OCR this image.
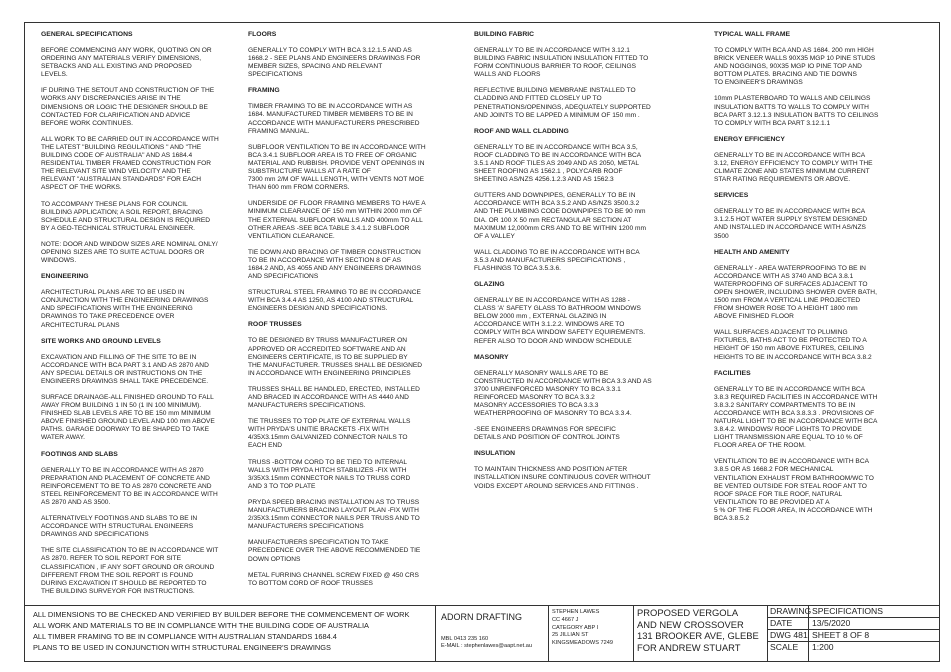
GENERAL SPECIFICATIONS

BEFORE COMMENCING ANY WORK, QUOTING ON OR
ORDERING ANY MATERIALS VERIFY DIMENSIONS,
SETBACKS AND ALL EXISTING AND PROPOSED
LEVELS.

IF DURING THE SETOUT AND CONSTRUCTION OF THE
WORKS ANY DISCREPANCIES ARISE IN THE
DIMENSIONS OR LOGIC THE DESIGNER SHOULD BE
CONTACTED FOR CLARIFICATION AND ADVICE
BEFORE WORK CONTINUES.

ALL WORK TO BE CARRIED OUT IN ACCORDANCE WITH
THE LATEST "BUILDING REGULATIONS " AND "THE
BUILDING CODE OF AUSTRALIA" AND AS 1684.4
RESIDENTIAL TIMBER FRAMED CONSTRUCTION FOR
THE RELEVANT SITE WIND VELOCITY AND THE
RELEVANT "AUSTRALIAN STANDARDS" FOR EACH
ASPECT OF THE WORKS.

TO ACCOMPANY THESE PLANS FOR COUNCIL
BUILDING APPLICATION; A SOIL REPORT, BRACING
SCHEDULE AND STRUCTURAL DESIGN IS REQUIRED
BY A GEO-TECHNICAL STRUCTURAL ENGINEER.

NOTE: DOOR AND WINDOW SIZES ARE NOMINAL ONLY/
OPENING SIZES ARE TO SUITE ACTUAL DOORS OR
WINDOWS.

ENGINEERING

ARCHITECTURAL PLANS ARE TO BE USED IN
CONJUNCTION WITH THE ENGINEERING DRAWINGS
AND SPECIFICATIONS WITH THE ENGINEERING
DRAWINGS TO TAKE PRECEDENCE OVER
ARCHITECTURAL PLANS

SITE WORKS AND GROUND LEVELS

EXCAVATION AND FILLING OF THE SITE TO BE IN
ACCORDANCE WITH BCA PART 3.1 AND AS 2870 AND
ANY SPECIAL DETAILS OR INSTRUCTIONS ON THE
ENGINEERS DRAWINGS SHALL TAKE PRECEDENCE.

SURFACE DRAINAGE-ALL FINISHED GROUND TO FALL
AWAY FROM BUILDING 1 IN 50 (1 IN 100 MINIMUM).
FINISHED SLAB LEVELS ARE TO BE 150 mm MINIMUM
ABOVE FINISHED GROUND LEVEL AND 100 mm ABOVE
PATHS. GARAGE DOORWAY TO BE SHAPED TO TAKE
WATER AWAY.

FOOTINGS AND SLABS

GENERALLY TO BE IN ACCORDANCE WITH AS 2870
PREPARATION AND PLACEMENT OF CONCRETE AND
REINFORCEMENT TO BE TO AS 2870 CONCRETE AND
STEEL REINFORCEMENT TO BE IN ACCORDANCE WITH
AS 2870 AND AS 3500.

ALTERNATIVELY FOOTINGS AND SLABS TO BE IN
ACCORDANCE WITH STRUCTURAL ENGINEERS
DRAWINGS AND SPECIFICATIONS

THE SITE CLASSIFICATION TO BE IN ACCORDANCE WIT
AS 2870. REFER TO SOIL REPORT FOR SITE
CLASSIFICATION , IF ANY SOFT GROUND OR GROUND
DIFFERENT FROM THE SOIL REPORT IS FOUND
DURING EXCAVATION IT SHOULD BE REPORTED TO
THE BUILDING SURVEYOR FOR INSTRUCTIONS.

FLOORS

GENERALLY TO COMPLY WITH BCA 3.12.1.5 AND AS
1668.2 - SEE PLANS AND ENGINEERS DRAWINGS FOR
MEMBER SIZES, SPACING AND RELEVANT
SPECIFICATIONS

FRAMING

TIMBER FRAMING TO BE IN ACCORDANCE WITH AS
1684. MANUFACTURED TIMBER MEMBERS TO BE IN
ACCORDANCE WITH MANUFACTURERS PRESCRIBED
FRAMING MANUAL.

SUBFLOOR VENTILATION TO BE IN ACCORDANCE WITH
BCA 3.4.1 SUBFLOOR AREA IS TO FREE OF ORGANIC
MATERIAL AND RUBBISH. PROVIDE VENT OPENINGS IN
SUBSTRUCTURE WALLS AT A RATE OF
7300 mm 2/M OF WALL LENGTH, WITH VENTS NOT MOE
THAN 600 mm FROM CORNERS.

UNDERSIDE OF FLOOR FRAMING MEMBERS TO HAVE A
MINIMUM CLEARANCE OF 150 mm WITHIN 2000 mm OF
THE EXTERNAL SUBFLOOR WALLS AND 400mm TO ALL
OTHER AREAS -SEE BCA TABLE 3.4.1.2 SUBFLOOR
VENTILATION CLEARANCE.

TIE DOWN AND BRACING OF TIMBER CONSTRUCTION
TO BE IN ACCORDANCE WITH SECTION 8 OF AS
1684.2 AND, AS 4055 AND ANY ENGINEERS DRAWINGS
AND SPECIFICATIONS

STRUCTURAL STEEL FRAMING TO BE IN CCORDANCE
WITH BCA 3.4.4 AS 1250, AS 4100 AND STRUCTURAL
ENGINEERS DESIGN AND SPECIFICATIONS.

ROOF TRUSSES

TO BE DESIGNED BY TRUSS MANUFACTURER ON
APPROVED OR ACCREDITED SOFTWARE AND AN
ENGINEERS CERTIFICATE, IS TO BE SUPPLIED BY
THE MANUFACTURER. TRUSSES SHALL BE DESIGNED
IN ACCORDANCE WITH ENGINEERING PRINCIPLES

TRUSSES SHALL BE HANDLED, ERECTED, INSTALLED
AND BRACED IN ACCORDANCE WITH AS 4440 AND
MANUFACTURERS SPECIFICATIONS.

TIE TRUSSES TO TOP PLATE OF EXTERNAL WALLS
WITH PRYDA'S UNITIE BRACKETS -FIX WITH
4/35X3.15mm GALVANIZED CONNECTOR NAILS TO
EACH END

TRUSS -BOTTOM CORD TO BE TIED TO INTERNAL
WALLS WITH PRYDA HITCH STABILIZES -FIX WITH
3/35X3.15mm CONNECTOR NAILS TO TRUSS CORD
AND 3 TO TOP PLATE

PRYDA SPEED BRACING INSTALLATION AS TO TRUSS
MANUFACTURERS BRACING LAYOUT PLAN -FIX WITH
2/35X3.15mm CONNECTOR NAILS PER TRUSS AND TO
MANUFACTURERS SPECIFICATIONS

MANUFACTURERS SPECIFICATION TO TAKE
PRECEDENCE OVER THE ABOVE RECOMMENDED TIE
DOWN OPTIONS

METAL FURRING CHANNEL SCREW FIXED @ 450 CRS
TO BOTTOM CORD OF ROOF TRUSSES

BUILDING FABRIC

GENERALLY TO BE IN ACCORDANCE WITH 3.12.1
BUILDING FABRIC INSULATION INSULATION FITTED TO
FORM CONTINUOUS BARRIER TO ROOF, CEILINGS
WALLS AND FLOORS

REFLECTIVE BUILDING MEMBRANE INSTALLED TO
CLADDING AND FITTED CLOSELY UP TO
PENETRATIONS/OPENINGS, ADEQUATELY SUPPORTED
AND JOINTS TO BE LAPPED A MINIMUM OF 150 mm .

ROOF AND WALL CLADDING

GENERALLY TO BE IN ACCORDANCE WITH BCA 3.5,
ROOF CLADDING TO BE IN ACCORDANCE WITH BCA
3.5.1 AND ROOF TILES AS 2049 AND AS 2050, METAL
SHEET ROOFING AS 1562.1 , POLYCARB ROOF
SHEETING AS/NZS 4256.1.2.3 AND AS 1562.3

GUTTERS AND DOWNPIPES, GENERALLY TO BE IN
ACCORDANCE WITH BCA 3.5.2 AND AS/NZS 3500.3.2
AND THE PLUMBING CODE DOWNPIPES TO BE 90 mm
DIA. OR 100 X 50 mm RECTANGULAR SECTION AT
MAXIMUM 12,000mm CRS AND TO BE WITHIN 1200 mm
OF A VALLEY

WALL CLADDING TO BE IN ACCORDANCE WITH BCA
3.5.3 AND MANUFACTURERS SPECIFICATIONS ,
FLASHINGS TO BCA 3.5.3.6.

GLAZING

GENERALLY BE IN ACCORDANCE WITH AS 1288 -
CLASS 'A' SAFETY GLASS TO BATHROOM WINDOWS
BELOW 2000 mm , EXTERNAL GLAZING IN
ACCORDANCE WITH 3.1.2.2. WINDOWS ARE TO
COMPLY WITH BCA WINDOW SAFETY EQUIREMENTS.
REFER ALSO TO DOOR AND WINDOW SCHEDULE

MASONRY

GENERALLY MASONRY WALLS ARE TO BE
CONSTRUCTED IN ACCORDANCE WITH BCA 3.3 AND AS
3700 UNREINFORCED MASONRY TO BCA 3.3.1
REINFORCED MASONRY TO BCA 3.3.2
MASONRY ACCESSORIES TO BCA 3.3.3
WEATHERPROOFING OF MASONRY TO BCA 3.3.4.

-SEE ENGINEERS DRAWINGS FOR SPECIFIC
DETAILS AND POSITION OF CONTROL JOINTS

INSULATION

TO MAINTAIN THICKNESS AND POSITION AFTER
INSTALLATION INSURE CONTINUOUS COVER WITHOUT
VOIDS EXCEPT AROUND SERVICES AND FITTINGS .

TYPICAL WALL FRAME

TO COMPLY WITH BCA AND AS 1684. 200 mm HIGH
BRICK VENEER WALLS 90X35 MGP 10 PINE STUDS
AND NOGGINGS, 90X35 MGP IO PINE TOP AND
BOTTOM PLATES. BRACING AND TIE DOWNS
TO ENGINEER'S DRAWINGS

10mm PLASTERBOARD TO WALLS AND CEILINGS
INSULATION BATTS TO WALLS TO COMPLY WITH
BCA PART 3.12.1.3 INSULATION BATTS TO CEILINGS
TO COMPLY WITH BCA PART 3.12.1.1

ENERGY EFFICIENCY

GENERALLY TO BE IN ACCORDANCE WITH BCA
3.12, ENERGY EFFICIENCY TO COMPLY WITH THE
CLIMATE ZONE AND STATES MINIMUM CURRENT
STAR RATING REQUIREMENTS OR ABOVE.

SERVICES

GENERALLY TO BE IN ACCORDANCE WITH BCA
3.1.2.5 HOT WATER SUPPLY SYSTEM DESIGNED
AND INSTALLED IN ACCORDANCE WITH AS/NZS
3500

HEALTH AND AMENITY

GENERALLY - AREA WATERPROOFING TO BE IN
ACCORDANCE WITH AS 3740 AND BCA 3.8.1
WATERPROOFING OF SURFACES ADJACENT TO
OPEN SHOWER, INCLUDING SHOWER OVER BATH,
1500 mm FROM A VERTICAL LINE PROJECTED
FROM SHOWER ROSE TO A HEIGHT 1800 mm
ABOVE FINISHED FLOOR

WALL SURFACES ADJACENT TO PLUMING
FIXTURES, BATHS ACT TO BE PROTECTED TO A
HEIGHT OF 150 mm ABOVE FIXTURES, CEILING
HEIGHTS TO BE IN ACCORDANCE WITH BCA 3.8.2

FACILITIES

GENERALLY TO BE IN ACCORDANCE WITH BCA
3.8.3 REQUIRED FACILITIES IN ACCORDANCE WITH
3.8.3.2 SANITARY COMPARTMENTS TO BE IN
ACCORDANCE WITH BCA 3.8.3.3 . PROVISIONS OF
NATURAL LIGHT TO BE IN ACCORDANCE WITH BCA
3.8.4.2. WINDOWS/ ROOF LIGHTS TO PROVIDE
LIGHT TRANSMISSION ARE EQUAL TO 10 % OF
FLOOR AREA OF THE ROOM.

VENTILATION TO BE IN ACCORDANCE WITH BCA
3.8.5 OR AS 1668.2 FOR MECHANICAL
VENTILATION EXHAUST FROM BATHROOM/WC TO
BE VENTED OUTSIDE FOR STEAL ROOF ANT TO
ROOF SPACE FOR TILE ROOF, NATURAL
VENTILATION TO BE PROVIDED AT A
5 % OF THE FLOOR AREA, IN ACCORDANCE WITH
BCA 3.8.5.2

ALL DIMENSIONS TO BE CHECKED AND VERIFIED BY BUILDER BEFORE THE COMMENCEMENT OF WORK
ALL WORK AND MATERIALS TO BE IN COMPLIANCE WITH THE BUILDING CODE OF AUSTRALIA
ALL TIMBER FRAMING TO BE IN COMPLIANCE WITH AUSTRALIAN STANDARDS 1684.4
PLANS TO BE USED IN CONJUNCTION WITH STRUCTURAL ENGINEER'S DRAWINGS
ADORN DRAFTING
MBL 0413 235 160
E-MAIL : stephenlawes@aapt.net.au
STEPHEN LAWES
CC 4667 J
CATEGORY ABP I
25 JILLIAN ST
KINGSMEADOWS 7249
PROPOSED VERGOLA
AND NEW CROSSOVER
131 BROOKER AVE, GLEBE
FOR ANDREW STUART
DRAWING SPECIFICATIONS
DATE 13/5/2020
DWG 481 SHEET 8 OF 8
SCALE 1:200
